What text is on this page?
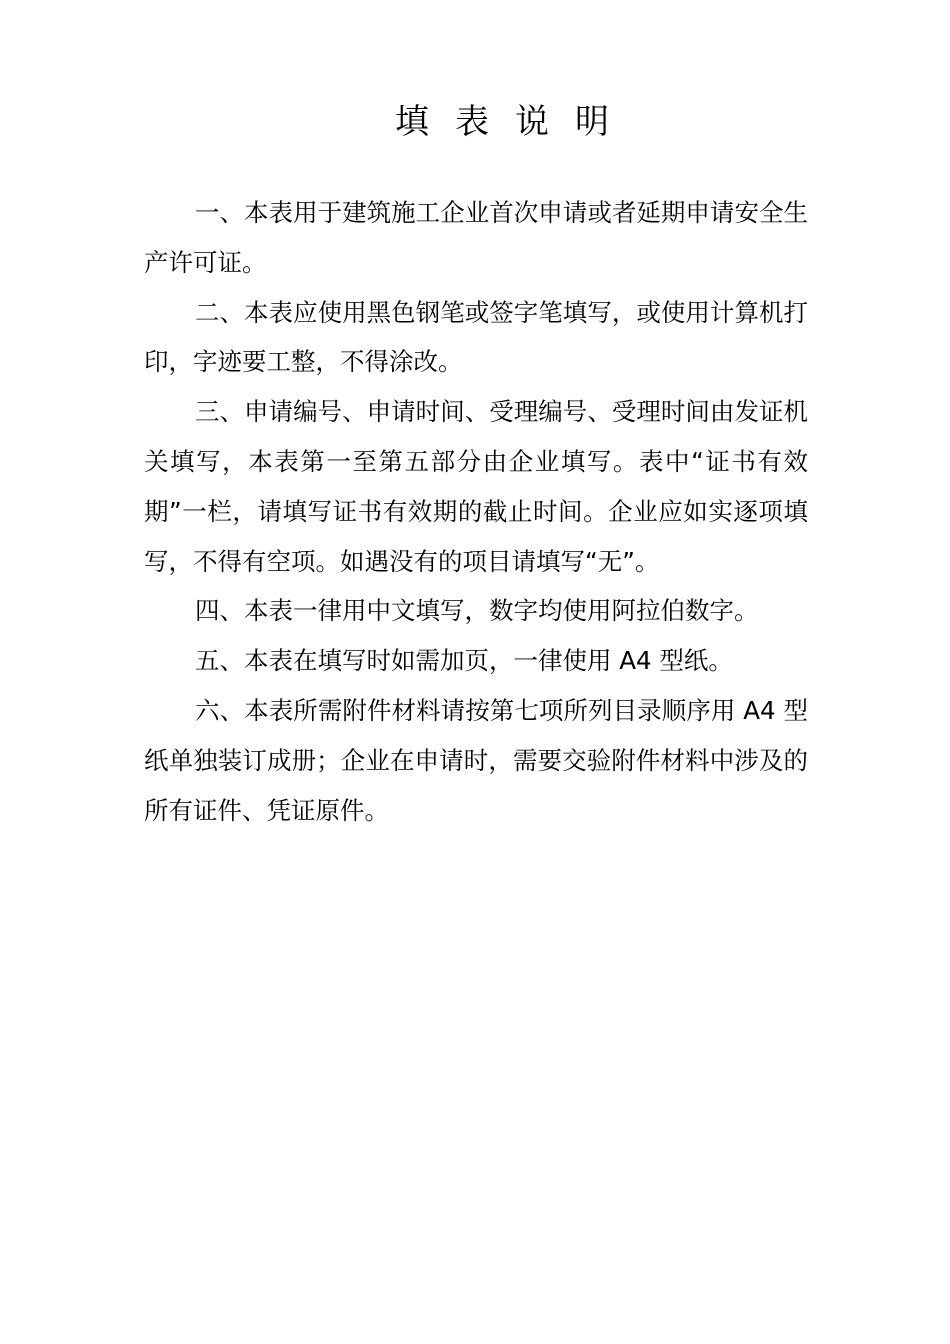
填表说明

一、本表用于建筑施工企业首次申请或者延期申请安全生产许可证。

二、本表应使用黑色钢笔或签字笔填写，或使用计算机打印，字迹要工整，不得涂改。

三、申请编号、申请时间、受理编号、受理时间由发证机关填写，本表第一至第五部分由企业填写。表中“证书有效期”一栏，请填写证书有效期的截止时间。企业应如实逐项填写，不得有空项。如遇没有的项目请填写“无”。

四、本表一律用中文填写，数字均使用阿拉伯数字。

五、本表在填写时如需加页，一律使用 A4 型纸。

六、本表所需附件材料请按第七项所列目录顺序用 A4 型纸单独装订成册；企业在申请时，需要交验附件材料中涉及的所有证件、凭证原件。
